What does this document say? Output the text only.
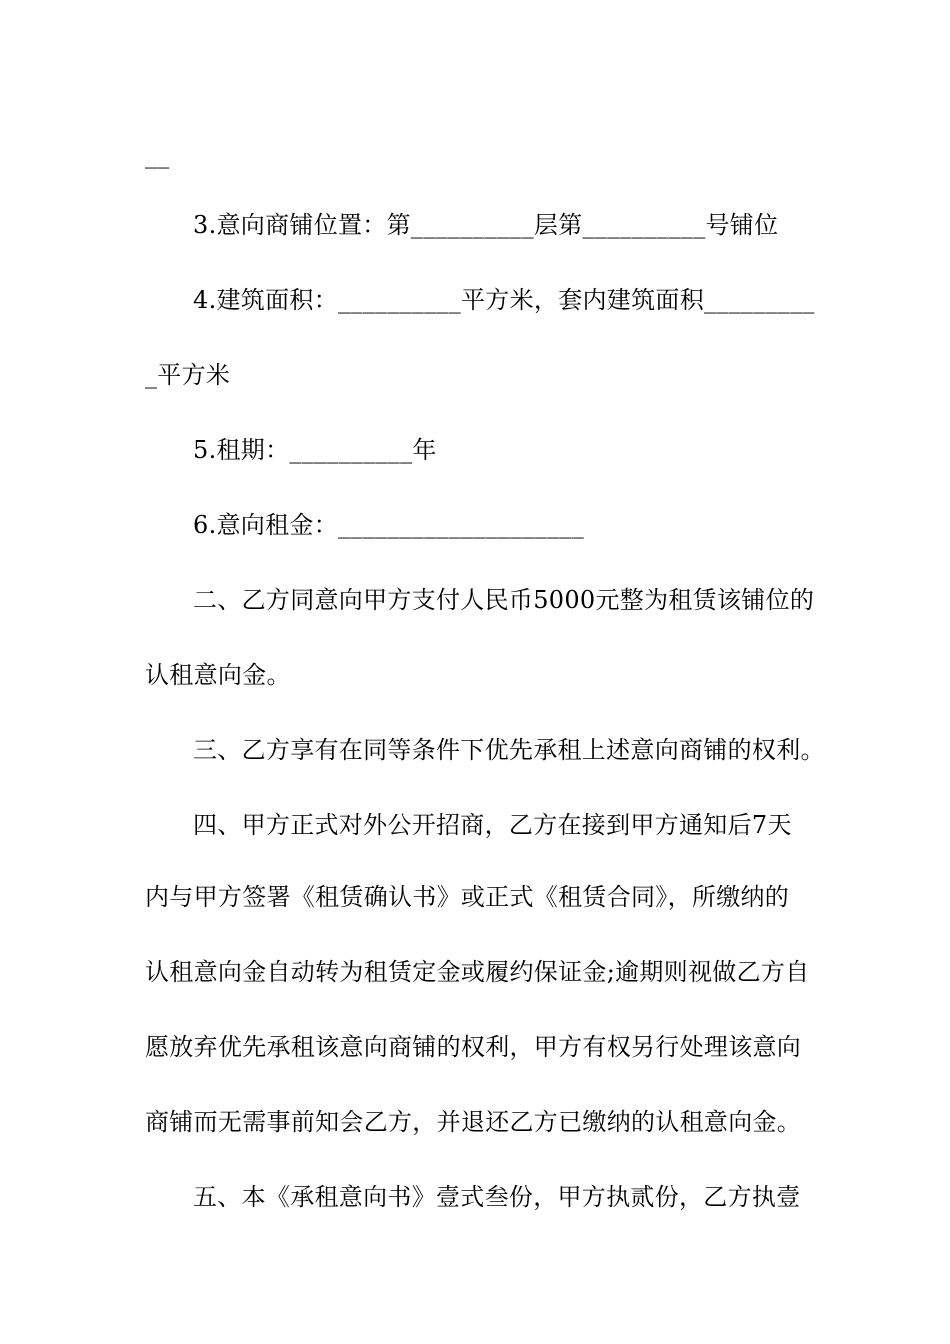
__
3.意向商铺位置：第__________层第__________号铺位
4.建筑面积：__________平方米，套内建筑面积_________
_平方米
5.租期：__________年
6.意向租金：____________________
二、乙方同意向甲方支付人民币5000元整为租赁该铺位的
认租意向金。
三、乙方享有在同等条件下优先承租上述意向商铺的权利。
四、甲方正式对外公开招商，乙方在接到甲方通知后7天
内与甲方签署《租赁确认书》或正式《租赁合同》，所缴纳的
认租意向金自动转为租赁定金或履约保证金;逾期则视做乙方自
愿放弃优先承租该意向商铺的权利，甲方有权另行处理该意向
商铺而无需事前知会乙方，并退还乙方已缴纳的认租意向金。
五、本《承租意向书》壹式叁份，甲方执贰份，乙方执壹
